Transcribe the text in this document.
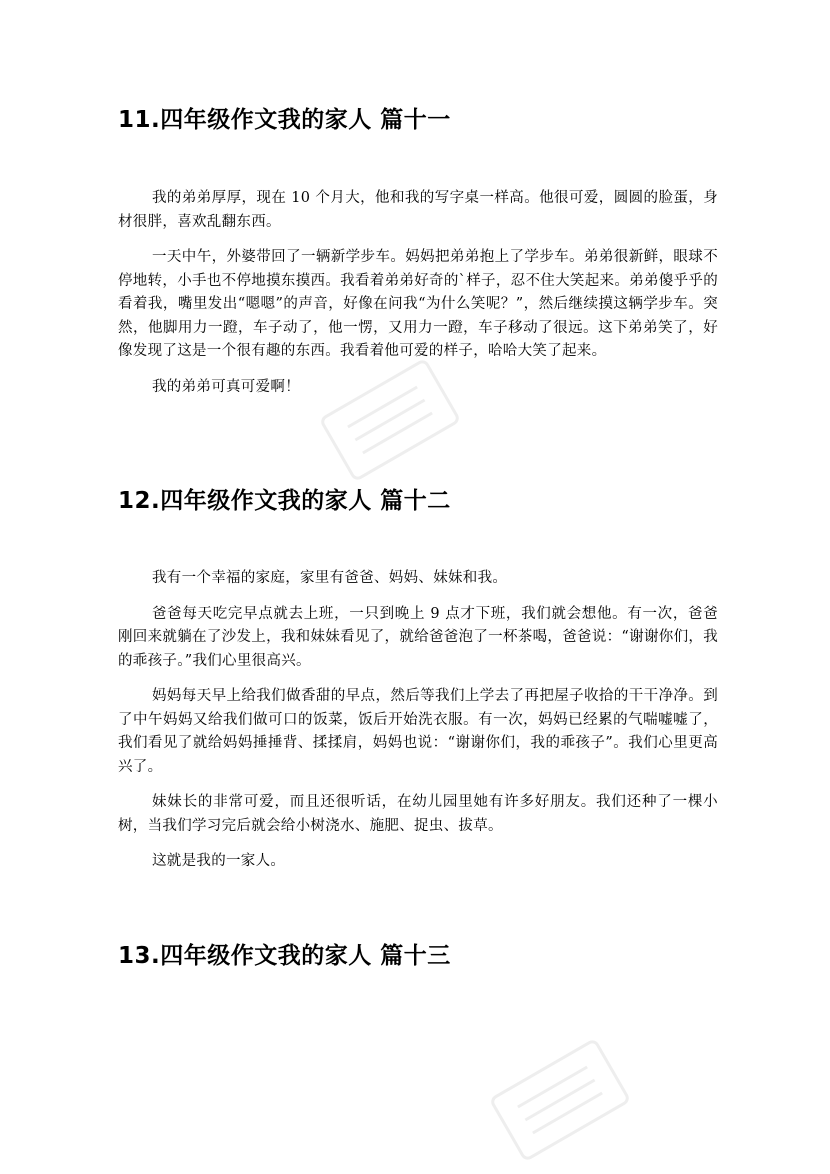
11.四年级作文我的家人 篇十一

我的弟弟厚厚，现在 10 个月大，他和我的写字桌一样高。他很可爱，圆圆的脸蛋，身材很胖，喜欢乱翻东西。

一天中午，外婆带回了一辆新学步车。妈妈把弟弟抱上了学步车。弟弟很新鲜，眼球不停地转，小手也不停地摸东摸西。我看着弟弟好奇的`样子，忍不住大笑起来。弟弟傻乎乎的看着我，嘴里发出“嗯嗯”的声音，好像在问我“为什么笑呢？”，然后继续摸这辆学步车。突然，他脚用力一蹬，车子动了，他一愣，又用力一蹬，车子移动了很远。这下弟弟笑了，好像发现了这是一个很有趣的东西。我看着他可爱的样子，哈哈大笑了起来。

我的弟弟可真可爱啊！

12.四年级作文我的家人 篇十二

我有一个幸福的家庭，家里有爸爸、妈妈、妹妹和我。

爸爸每天吃完早点就去上班，一只到晚上 9 点才下班，我们就会想他。有一次，爸爸刚回来就躺在了沙发上，我和妹妹看见了，就给爸爸泡了一杯茶喝，爸爸说：“谢谢你们，我的乖孩子。”我们心里很高兴。

妈妈每天早上给我们做香甜的早点，然后等我们上学去了再把屋子收拾的干干净净。到了中午妈妈又给我们做可口的饭菜，饭后开始洗衣服。有一次，妈妈已经累的气喘嘘嘘了，我们看见了就给妈妈捶捶背、揉揉肩，妈妈也说：“谢谢你们，我的乖孩子”。我们心里更高兴了。

妹妹长的非常可爱，而且还很听话，在幼儿园里她有许多好朋友。我们还种了一棵小树，当我们学习完后就会给小树浇水、施肥、捉虫、拔草。

这就是我的一家人。

13.四年级作文我的家人 篇十三
